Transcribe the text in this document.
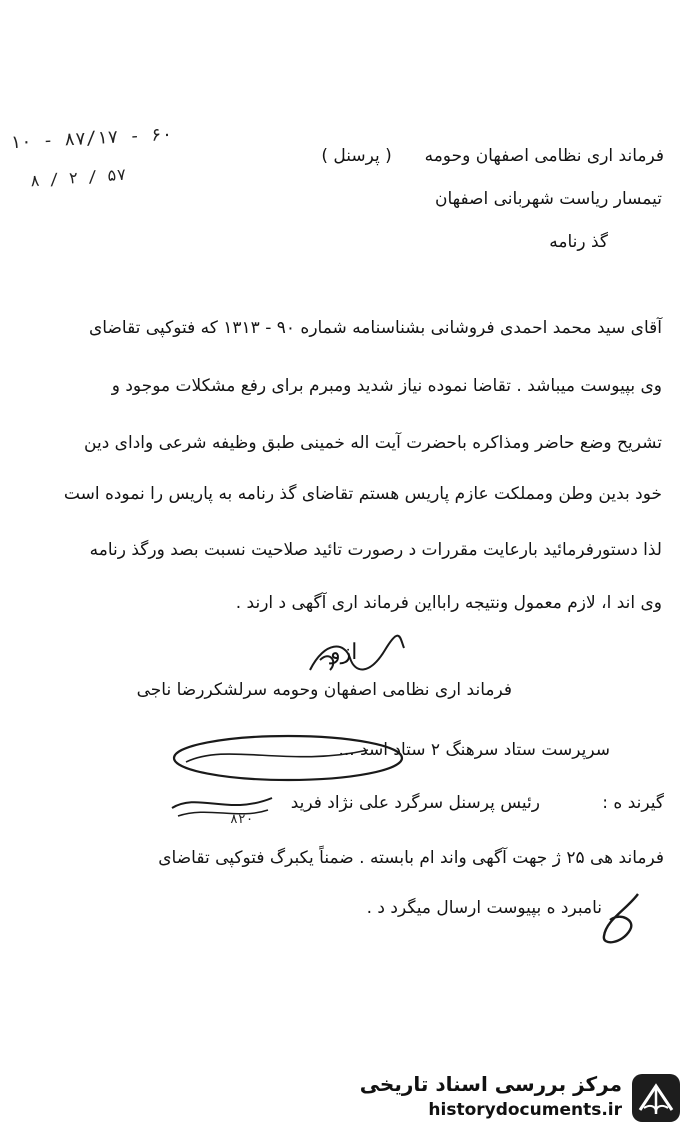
۱۰ - ۸۷/۱۷ - ۶۰
۸ / ۲ / ۵۷
فرماند اری نظامی اصفهان وحومه  ( پرسنل )
تیمسار ریاست شهربانی اصفهان
گذ رنامه
آقای سید محمد احمدی فروشانی بشناسنامه شماره ۹۰ - ۱۳۱۳ که فتوکپی تقاضای
وی بپیوست میباشد . تقاضا نموده نیاز شدید ومبرم برای رفع مشکلات موجود و
تشریح وضع حاضر ومذاکره باحضرت آیت اله خمینی طبق وظیفه شرعی وادای دین
خود بدین وطن ومملکت عازم پاریس هستم تقاضای گذ رنامه به پاریس را نموده است
لذا دستورفرمائید بارعایت مقررات د رصورت تائید صلاحیت نسبت بصد ورگذ رنامه
وی اند ا، لازم معمول ونتیجه رابااین فرماند اری آگهی د ارند .
ازو
فرماند اری نظامی اصفهان وحومه سرلشکررضا ناجی
سرپرست ستاد سرهنگ ۲ ستاد اسد ...
گیرند ه :
رئیس پرسنل سرگرد علی نژاد فرید
۸۲۰
فرماند هی ۲۵ ژ جهت آگهی واند ام بابسته . ضمناً یکبرگ فتوکپی تقاضای
نامبرد ه بپیوست ارسال میگرد د .
مرکز بررسی اسناد تاریخی
historydocuments.ir
